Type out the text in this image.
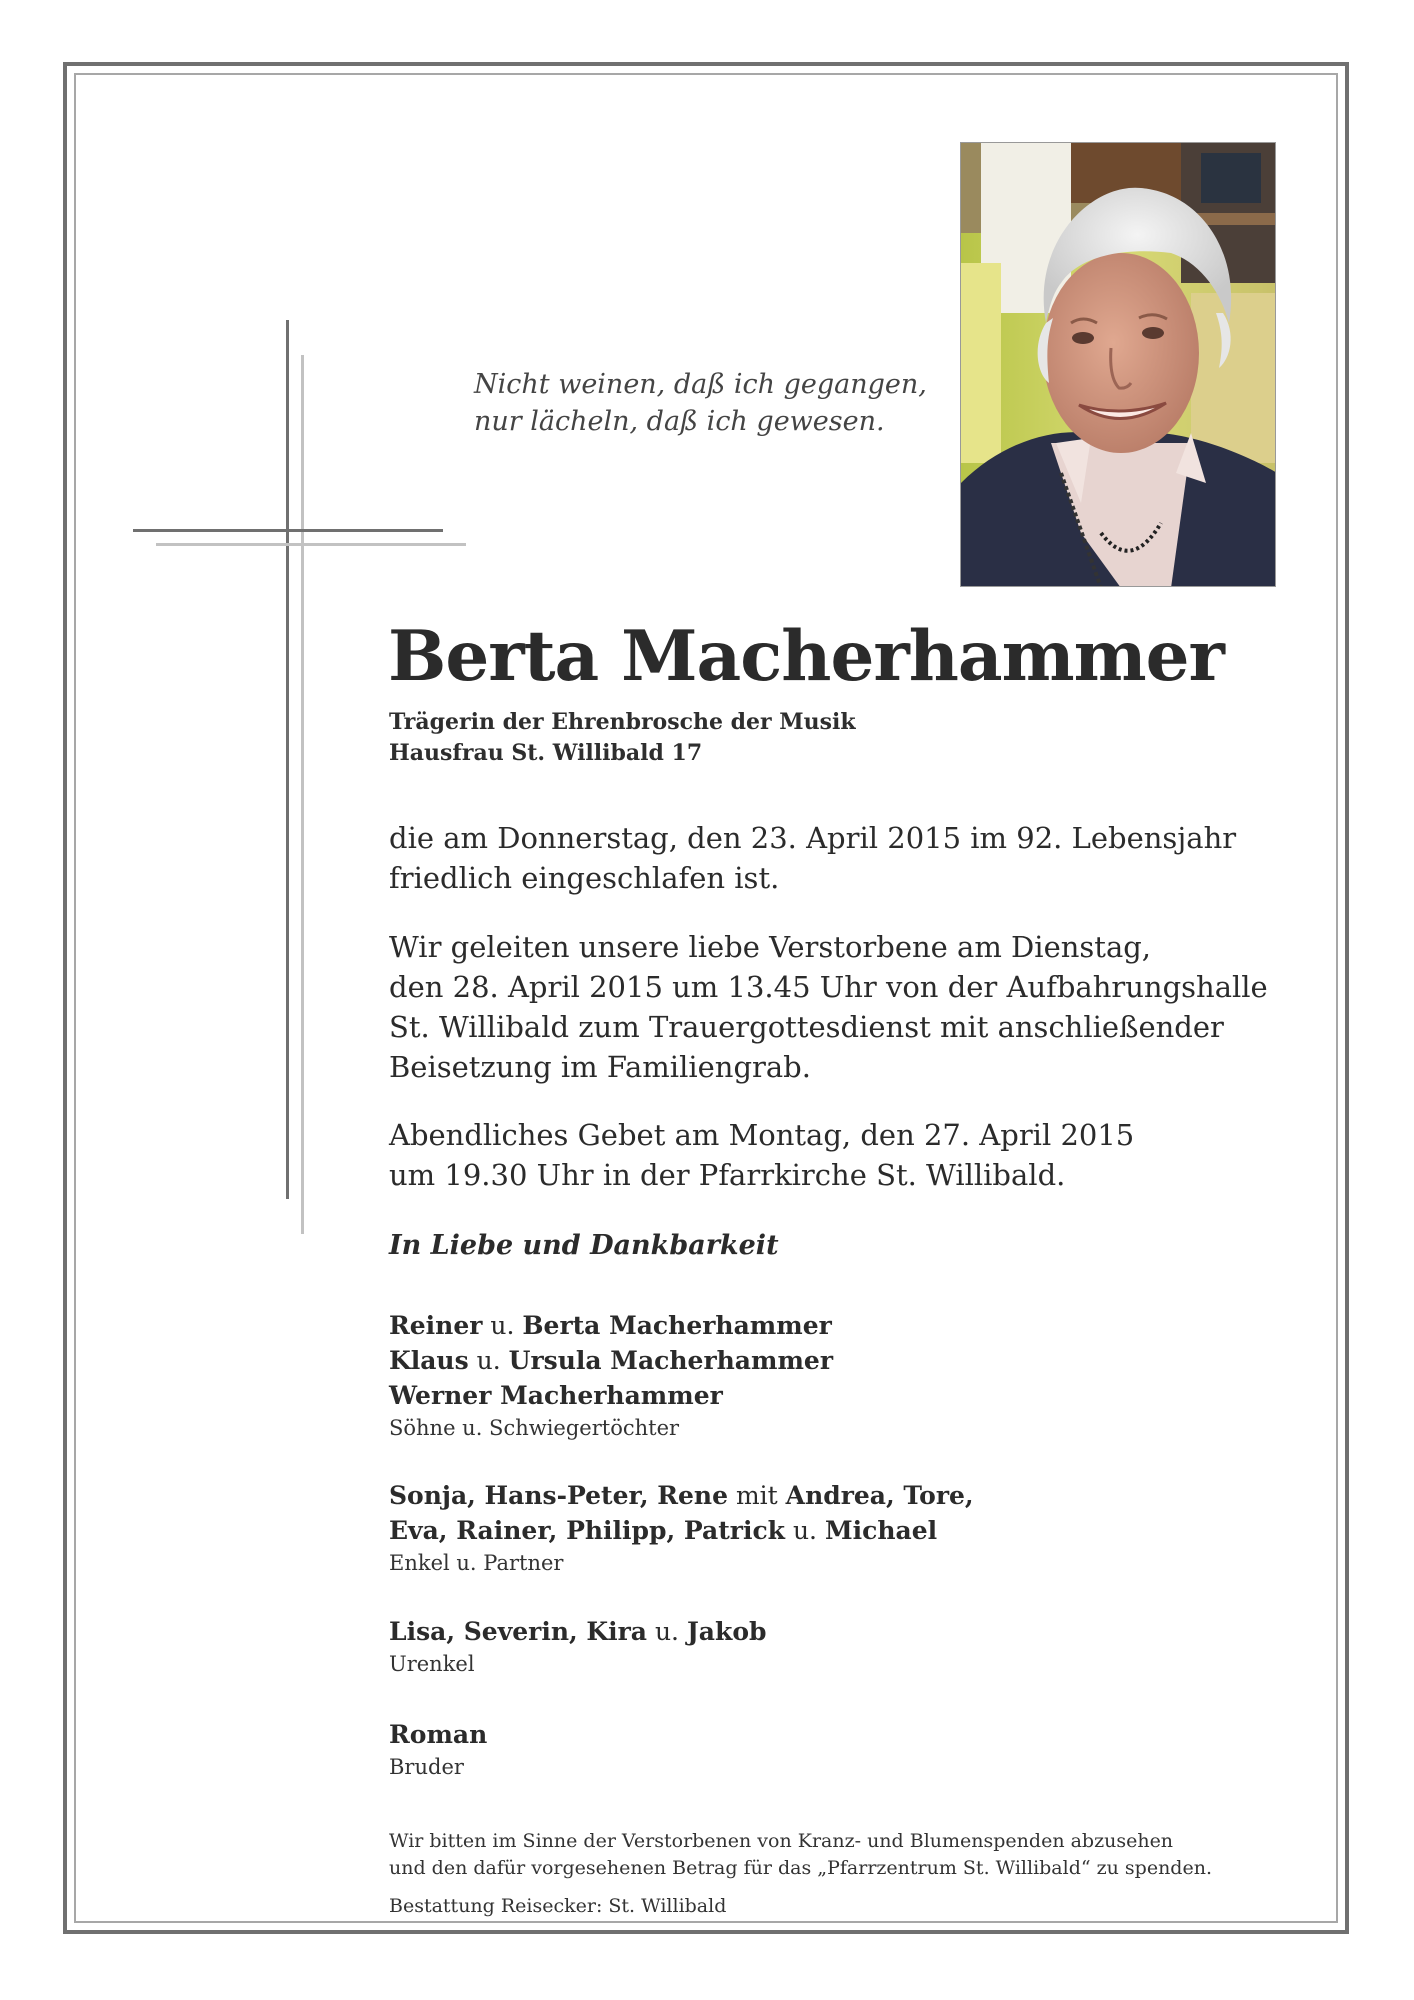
Nicht weinen, daß ich gegangen,
nur lächeln, daß ich gewesen.
Berta Macherhammer
Trägerin der Ehrenbrosche der Musik
Hausfrau St. Willibald 17
die am Donnerstag, den 23. April 2015 im 92. Lebensjahr
friedlich eingeschlafen ist.
Wir geleiten unsere liebe Verstorbene am Dienstag,
den 28. April 2015 um 13.45 Uhr von der Aufbahrungshalle
St. Willibald zum Trauergottesdienst mit anschließender
Beisetzung im Familiengrab.
Abendliches Gebet am Montag, den 27. April 2015
um 19.30 Uhr in der Pfarrkirche St. Willibald.
In Liebe und Dankbarkeit
Reiner u. Berta Macherhammer
Klaus u. Ursula Macherhammer
Werner Macherhammer
Söhne u. Schwiegertöchter
Sonja, Hans-Peter, Rene mit Andrea, Tore,
Eva, Rainer, Philipp, Patrick u. Michael
Enkel u. Partner
Lisa, Severin, Kira u. Jakob
Urenkel
Roman
Bruder
Wir bitten im Sinne der Verstorbenen von Kranz- und Blumenspenden abzusehen
und den dafür vorgesehenen Betrag für das „Pfarrzentrum St. Willibald“ zu spenden.
Bestattung Reisecker: St. Willibald
